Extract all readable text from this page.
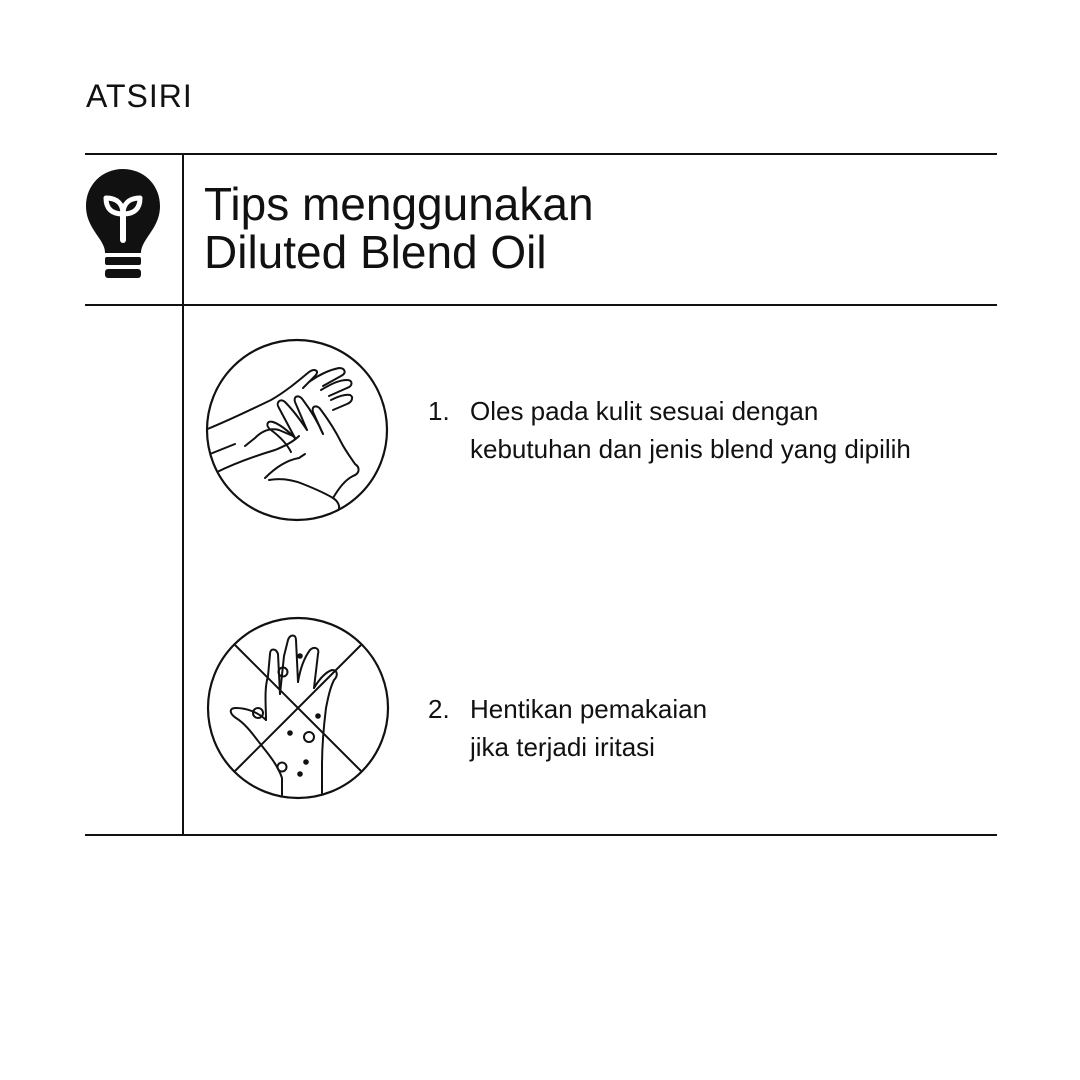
ATSIRI
Tips menggunakan
Diluted Blend Oil
1. Oles pada kulit sesuai dengan
kebutuhan dan jenis blend yang dipilih
2. Hentikan pemakaian
jika terjadi iritasi
